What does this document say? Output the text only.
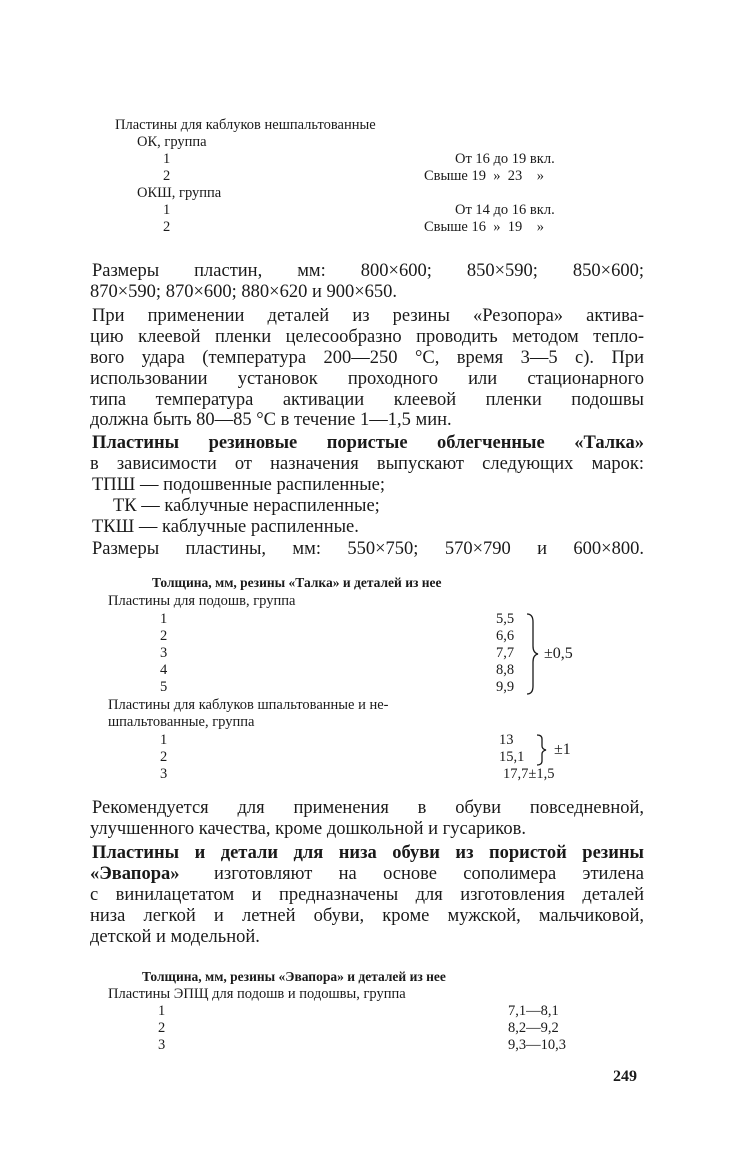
Пластины для каблуков нешпальтованные
ОК, группа
1	От 16 до 19 вкл.
2	Свыше 19  »  23    »
ОКШ, группа
1	От 14 до 16 вкл.
2	Свыше 16  »  19    »
Размеры пластин, мм: 800×600; 850×590; 850×600;
870×590; 870×600; 880×620 и 900×650.
При применении деталей из резины «Резопора» актива-
цию клеевой пленки целесообразно проводить методом тепло-
вого удара (температура 200—250 °С, время 3—5 с). При
использовании установок проходного или стационарного
типа температура активации клеевой пленки подошвы
должна быть 80—85 °С в течение 1—1,5 мин.
Пластины резиновые пористые облегченные «Талка»
в зависимости от назначения выпускают следующих марок:
ТПШ — подошвенные распиленные;
ТК — каблучные нераспиленные;
ТКШ — каблучные распиленные.
Размеры пластины, мм: 550×750; 570×790 и 600×800.
Толщина, мм, резины «Талка» и деталей из нее
Пластины для подошв, группа
1	5,5
2	6,6
3	7,7
4	8,8
5	9,9
±0,5
Пластины для каблуков шпальтованные и не-
шпальтованные, группа
1	13
2	15,1
3	17,7±1,5
±1
Рекомендуется для применения в обуви повседневной,
улучшенного качества, кроме дошкольной и гусариков.
Пластины и детали для низа обуви из пористой резины
«Эвапора» изготовляют на основе сополимера этилена
с винилацетатом и предназначены для изготовления деталей
низа легкой и летней обуви, кроме мужской, мальчиковой,
детской и модельной.
Толщина, мм, резины «Эвапора» и деталей из нее
Пластины ЭПЩ для подошв и подошвы, группа
1	7,1—8,1
2	8,2—9,2
3	9,3—10,3
249
